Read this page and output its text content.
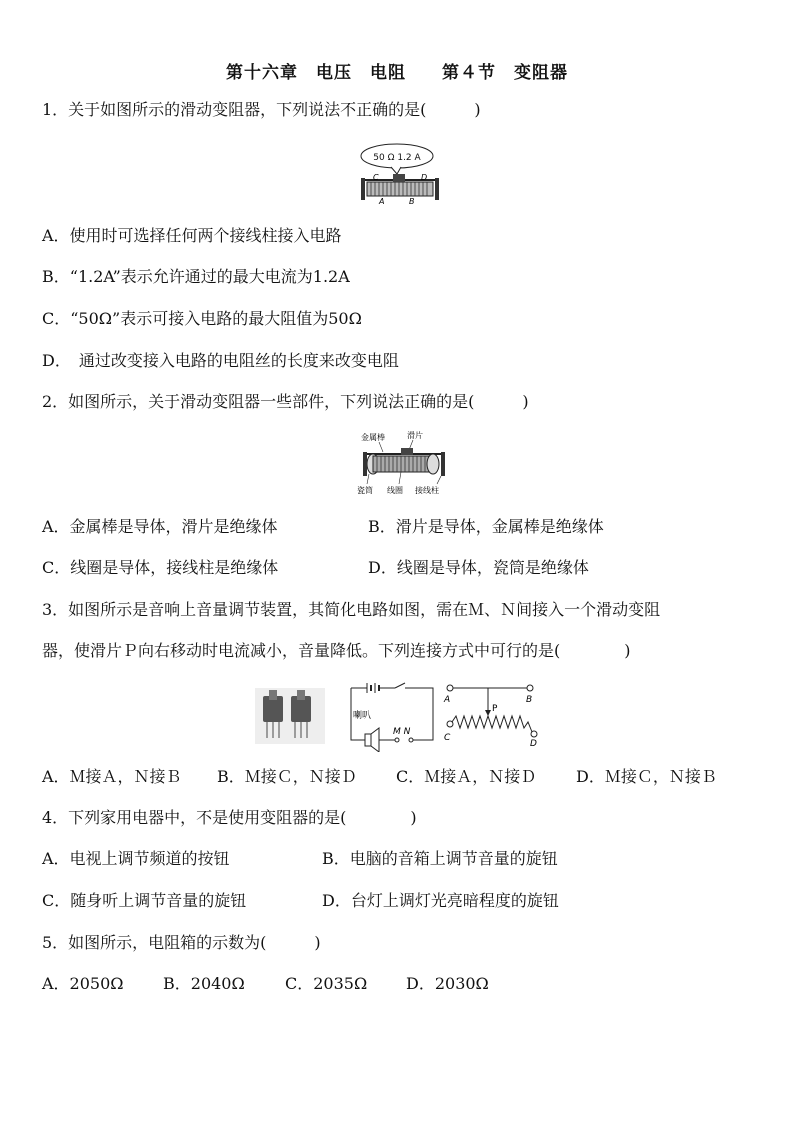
第十六章　电压　电阻　　第４节　变阻器
1．关于如图所示的滑动变阻器，下列说法不正确的是(　　　)
50 Ω 1.2 A
C	D
A	B
A．使用时可选择任何两个接线柱接入电路
B．“1.2A”表示允许通过的最大电流为1.2A
C．“50Ω”表示可接入电路的最大阻值为50Ω
D．　通过改变接入电路的电阻丝的长度来改变电阻
2．如图所示，关于滑动变阻器一些部件，下列说法正确的是(　　　)
金属棒	滑片
瓷筒 线圈 接线柱
A．金属棒是导体，滑片是绝缘体	B．滑片是导体，金属棒是绝缘体
C．线圈是导体，接线柱是绝缘体	D．线圈是导体，瓷筒是绝缘体
3．如图所示是音响上音量调节装置，其简化电路如图，需在Ｍ、Ｎ间接入一个滑动变阻
器，使滑片Ｐ向右移动时电流减小，音量降低。下列连接方式中可行的是(　　　　)
喇叭
M N
A	B
P
C
D
A．Ｍ接Ａ，Ｎ接Ｂ B．Ｍ接Ｃ，Ｎ接Ｄ C．Ｍ接Ａ，Ｎ接Ｄ D．Ｍ接Ｃ，Ｎ接Ｂ
4．下列家用电器中，不是使用变阻器的是(　　　　)
A．电视上调节频道的按钮	B．电脑的音箱上调节音量的旋钮
C．随身听上调节音量的旋钮	D．台灯上调灯光亮暗程度的旋钮
5．如图所示，电阻箱的示数为(　　　)
A．2050Ω B．2040Ω	C．2035Ω D．2030Ω
